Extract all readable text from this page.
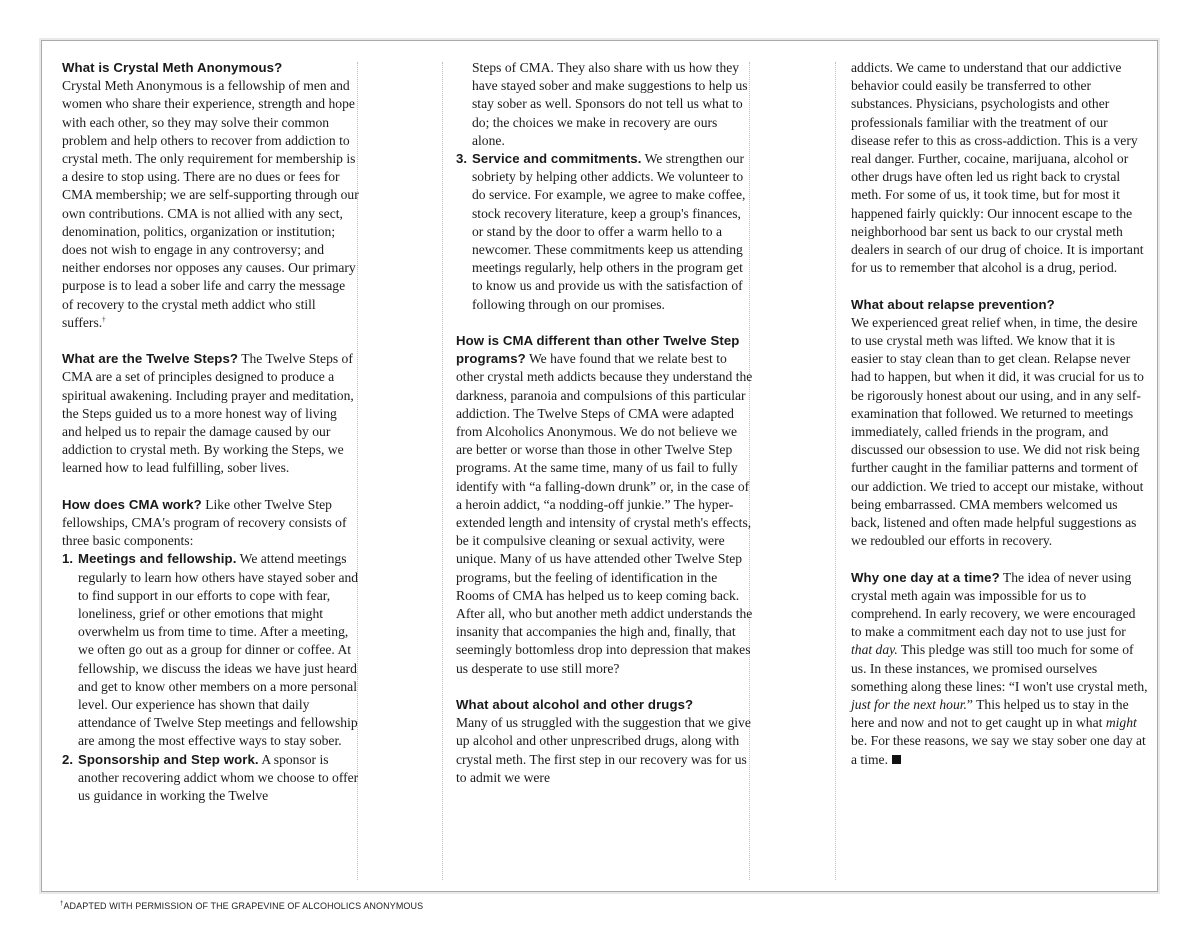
What is Crystal Meth Anonymous?
Crystal Meth Anonymous is a fellowship of men and women who share their experience, strength and hope with each other, so they may solve their common problem and help others to recover from addiction to crystal meth. The only requirement for membership is a desire to stop using. There are no dues or fees for CMA membership; we are self-supporting through our own contributions. CMA is not allied with any sect, denomination, politics, organization or institution; does not wish to engage in any controversy; and neither endorses nor opposes any causes. Our primary purpose is to lead a sober life and carry the message of recovery to the crystal meth addict who still suffers.†

What are the Twelve Steps? The Twelve Steps of CMA are a set of principles designed to produce a spiritual awakening. Including prayer and meditation, the Steps guided us to a more honest way of living and helped us to repair the damage caused by our addiction to crystal meth. By working the Steps, we learned how to lead fulfilling, sober lives.

How does CMA work? Like other Twelve Step fellowships, CMA's program of recovery consists of three basic components:

1. Meetings and fellowship. We attend meetings regularly to learn how others have stayed sober and to find support in our efforts to cope with fear, loneliness, grief or other emotions that might overwhelm us from time to time. After a meeting, we often go out as a group for dinner or coffee. At fellowship, we discuss the ideas we have just heard and get to know other members on a more personal level. Our experience has shown that daily attendance of Twelve Step meetings and fellowship are among the most effective ways to stay sober.

2. Sponsorship and Step work. A sponsor is another recovering addict whom we choose to offer us guidance in working the Twelve

Steps of CMA. They also share with us how they have stayed sober and make suggestions to help us stay sober as well. Sponsors do not tell us what to do; the choices we make in recovery are ours alone.

3. Service and commitments. We strengthen our sobriety by helping other addicts. We volunteer to do service. For example, we agree to make coffee, stock recovery literature, keep a group's finances, or stand by the door to offer a warm hello to a newcomer. These commitments keep us attending meetings regularly, help others in the program get to know us and provide us with the satisfaction of following through on our promises.

How is CMA different than other Twelve Step programs? We have found that we relate best to other crystal meth addicts because they understand the darkness, paranoia and compulsions of this particular addiction. The Twelve Steps of CMA were adapted from Alcoholics Anonymous. We do not believe we are better or worse than those in other Twelve Step programs. At the same time, many of us fail to fully identify with “a falling-down drunk” or, in the case of a heroin addict, “a nodding-off junkie.” The hyper-extended length and intensity of crystal meth's effects, be it compulsive cleaning or sexual activity, were unique. Many of us have attended other Twelve Step programs, but the feeling of identification in the Rooms of CMA has helped us to keep coming back. After all, who but another meth addict understands the insanity that accompanies the high and, finally, that seemingly bottomless drop into depression that makes us desperate to use still more?

What about alcohol and other drugs?
Many of us struggled with the suggestion that we give up alcohol and other unprescribed drugs, along with crystal meth. The first step in our recovery was for us to admit we were

addicts. We came to understand that our addictive behavior could easily be transferred to other substances. Physicians, psychologists and other professionals familiar with the treatment of our disease refer to this as cross-addiction. This is a very real danger. Further, cocaine, marijuana, alcohol or other drugs have often led us right back to crystal meth. For some of us, it took time, but for most it happened fairly quickly: Our innocent escape to the neighborhood bar sent us back to our crystal meth dealers in search of our drug of choice. It is important for us to remember that alcohol is a drug, period.

What about relapse prevention?
We experienced great relief when, in time, the desire to use crystal meth was lifted. We know that it is easier to stay clean than to get clean. Relapse never had to happen, but when it did, it was crucial for us to be rigorously honest about our using, and in any self-examination that followed. We returned to meetings immediately, called friends in the program, and discussed our obsession to use. We did not risk being further caught in the familiar patterns and torment of our addiction. We tried to accept our mistake, without being embarrassed. CMA members welcomed us back, listened and often made helpful suggestions as we redoubled our efforts in recovery.

Why one day at a time? The idea of never using crystal meth again was impossible for us to comprehend. In early recovery, we were encouraged to make a commitment each day not to use just for that day. This pledge was still too much for some of us. In these instances, we promised ourselves something along these lines: “I won't use crystal meth, just for the next hour.” This helped us to stay in the here and now and not to get caught up in what might be. For these reasons, we say we stay sober one day at a time.

†ADAPTED WITH PERMISSION OF THE GRAPEVINE OF ALCOHOLICS ANONYMOUS
